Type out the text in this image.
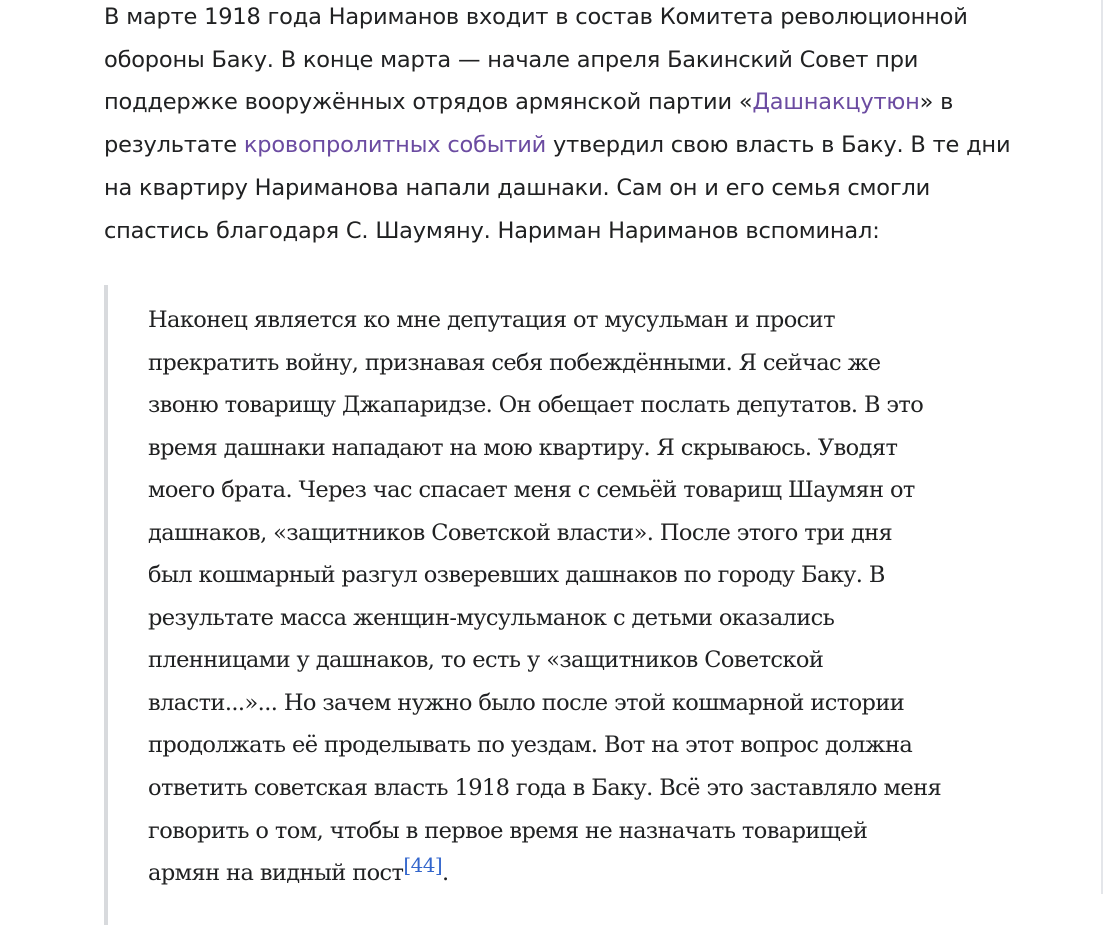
В марте 1918 года Нариманов входит в состав Комитета революционной
обороны Баку. В конце марта — начале апреля Бакинский Совет при
поддержке вооружённых отрядов армянской партии «Дашнакцутюн» в
результате кровопролитных событий утвердил свою власть в Баку. В те дни
на квартиру Нариманова напали дашнаки. Сам он и его семья смогли
спастись благодаря С. Шаумяну. Нариман Нариманов вспоминал:

Наконец является ко мне депутация от мусульман и просит
прекратить войну, признавая себя побеждёнными. Я сейчас же
звоню товарищу Джапаридзе. Он обещает послать депутатов. В это
время дашнаки нападают на мою квартиру. Я скрываюсь. Уводят
моего брата. Через час спасает меня с семьёй товарищ Шаумян от
дашнаков, «защитников Советской власти». После этого три дня
был кошмарный разгул озверевших дашнаков по городу Баку. В
результате масса женщин-мусульманок с детьми оказались
пленницами у дашнаков, то есть у «защитников Советской
власти...»... Но зачем нужно было после этой кошмарной истории
продолжать её проделывать по уездам. Вот на этот вопрос должна
ответить советская власть 1918 года в Баку. Всё это заставляло меня
говорить о том, чтобы в первое время не назначать товарищей
армян на видный пост[44].
